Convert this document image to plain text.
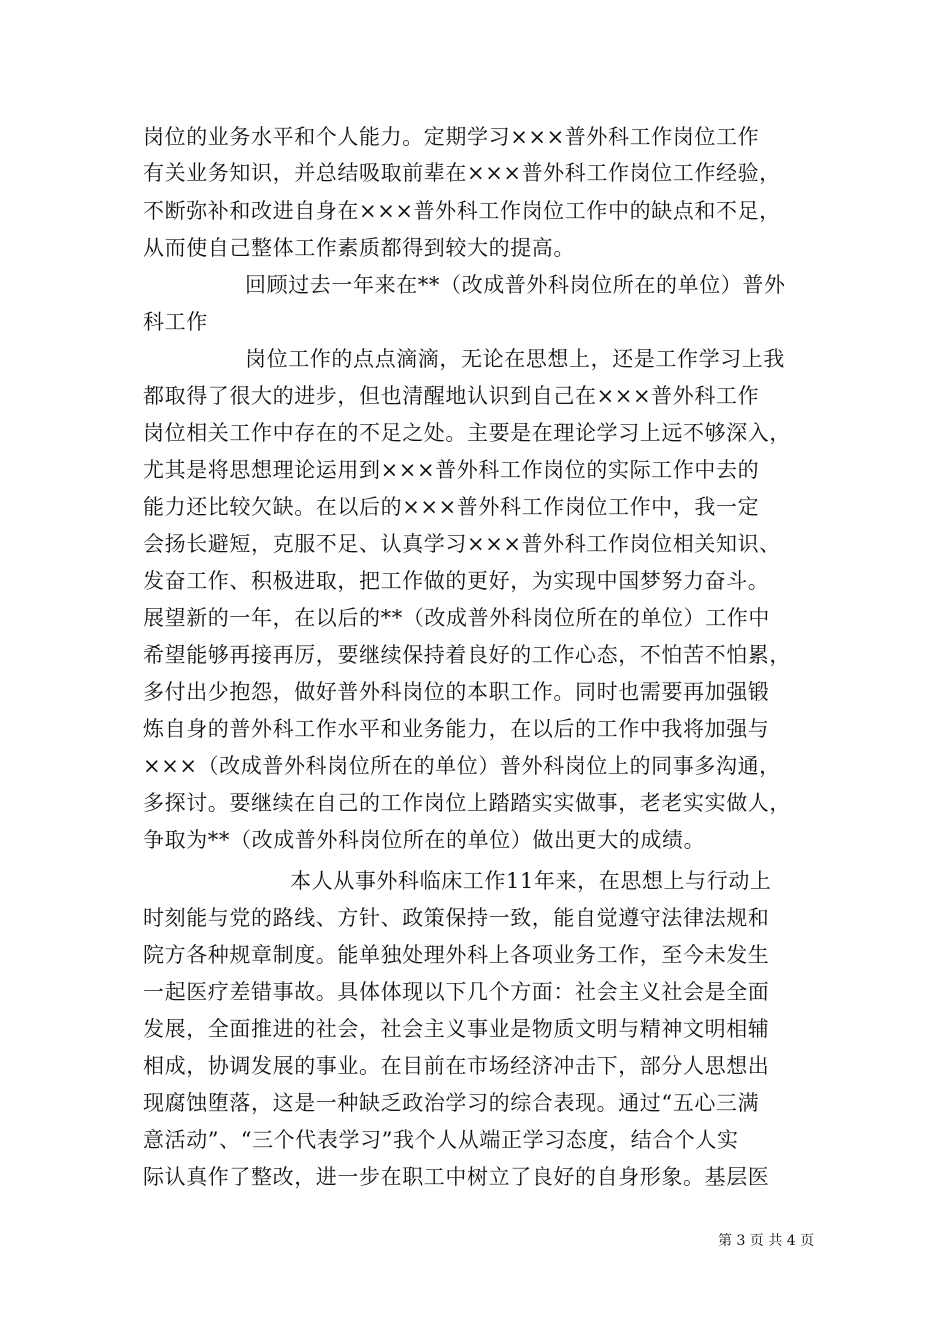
岗位的业务水平和个人能力。定期学习×××普外科工作岗位工作
有关业务知识，并总结吸取前辈在×××普外科工作岗位工作经验，
不断弥补和改进自身在×××普外科工作岗位工作中的缺点和不足，
从而使自己整体工作素质都得到较大的提高。
回顾过去一年来在**（改成普外科岗位所在的单位）普外
科工作
岗位工作的点点滴滴，无论在思想上，还是工作学习上我
都取得了很大的进步，但也清醒地认识到自己在×××普外科工作
岗位相关工作中存在的不足之处。主要是在理论学习上远不够深入，
尤其是将思想理论运用到×××普外科工作岗位的实际工作中去的
能力还比较欠缺。在以后的×××普外科工作岗位工作中，我一定
会扬长避短，克服不足、认真学习×××普外科工作岗位相关知识、
发奋工作、积极进取，把工作做的更好，为实现中国梦努力奋斗。
展望新的一年，在以后的**（改成普外科岗位所在的单位）工作中
希望能够再接再厉，要继续保持着良好的工作心态，不怕苦不怕累，
多付出少抱怨，做好普外科岗位的本职工作。同时也需要再加强锻
炼自身的普外科工作水平和业务能力，在以后的工作中我将加强与
×××（改成普外科岗位所在的单位）普外科岗位上的同事多沟通，
多探讨。要继续在自己的工作岗位上踏踏实实做事，老老实实做人，
争取为**（改成普外科岗位所在的单位）做出更大的成绩。
本人从事外科临床工作11年来，在思想上与行动上
时刻能与党的路线、方针、政策保持一致，能自觉遵守法律法规和
院方各种规章制度。能单独处理外科上各项业务工作，至今未发生
一起医疗差错事故。具体体现以下几个方面：社会主义社会是全面
发展，全面推进的社会，社会主义事业是物质文明与精神文明相辅
相成，协调发展的事业。在目前在市场经济冲击下，部分人思想出
现腐蚀堕落，这是一种缺乏政治学习的综合表现。通过“五心三满
意活动”、“三个代表学习”我个人从端正学习态度，结合个人实
际认真作了整改，进一步在职工中树立了良好的自身形象。基层医
第 3 页 共 4 页
